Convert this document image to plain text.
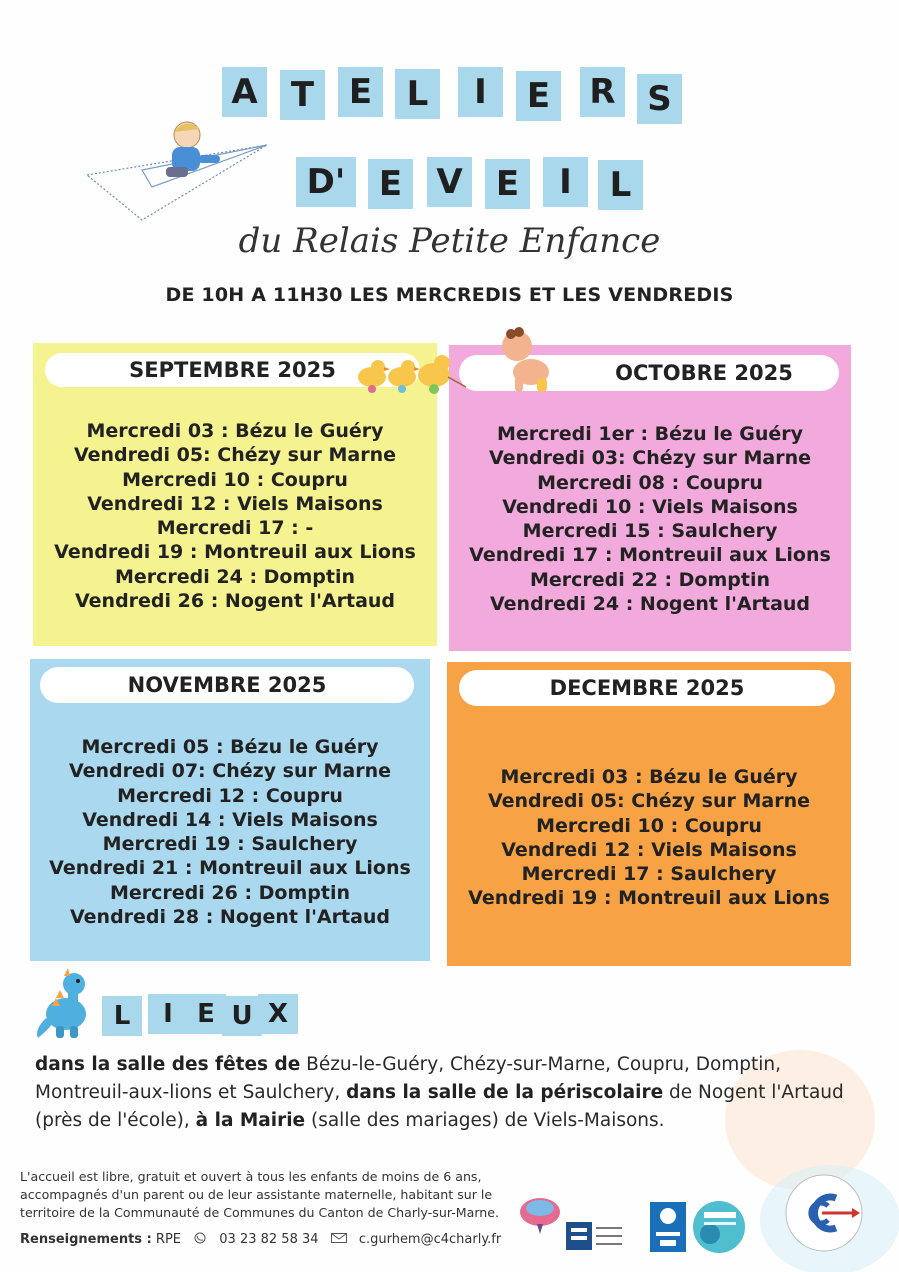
A T	E	L	I	E	R S
D' E	V E	I	L
du Relais Petite Enfance
DE 10H A 11H30 LES MERCREDIS ET LES VENDREDIS
SEPTEMBRE 2025
Mercredi 03 : Bézu le Guéry
Vendredi 05: Chézy sur Marne
Mercredi 10 : Coupru
Vendredi 12 : Viels Maisons
Mercredi 17 : -
Vendredi 19 : Montreuil aux Lions
Mercredi 24 : Domptin
Vendredi 26 : Nogent l'Artaud
OCTOBRE 2025
Mercredi 1er : Bézu le Guéry
Vendredi 03: Chézy sur Marne
Mercredi 08 : Coupru
Vendredi 10 : Viels Maisons
Mercredi 15 : Saulchery
Vendredi 17 : Montreuil aux Lions
Mercredi 22 : Domptin
Vendredi 24 : Nogent l'Artaud
NOVEMBRE 2025
Mercredi 05 : Bézu le Guéry
Vendredi 07: Chézy sur Marne
Mercredi 12 : Coupru
Vendredi 14 : Viels Maisons
Mercredi 19 : Saulchery
Vendredi 21 : Montreuil aux Lions
Mercredi 26 : Domptin
Vendredi 28 : Nogent l'Artaud
DECEMBRE 2025
Mercredi 03 : Bézu le Guéry
Vendredi 05: Chézy sur Marne
Mercredi 10 : Coupru
Vendredi 12 : Viels Maisons
Mercredi 17 : Saulchery
Vendredi 19 : Montreuil aux Lions
L	I E U X
dans la salle des fêtes de Bézu-le-Guéry, Chézy-sur-Marne, Coupru, Domptin, Montreuil-aux-lions et Saulchery, dans la salle de la périscolaire de Nogent l'Artaud (près de l'école), à la Mairie (salle des mariages) de Viels-Maisons.
L'accueil est libre, gratuit et ouvert à tous les enfants de moins de 6 ans, accompagnés d'un parent ou de leur assistante maternelle, habitant sur le territoire de la Communauté de Communes du Canton de Charly-sur-Marne.
Renseignements : RPE	03 23 82 58 34	c.gurhem@c4charly.fr
